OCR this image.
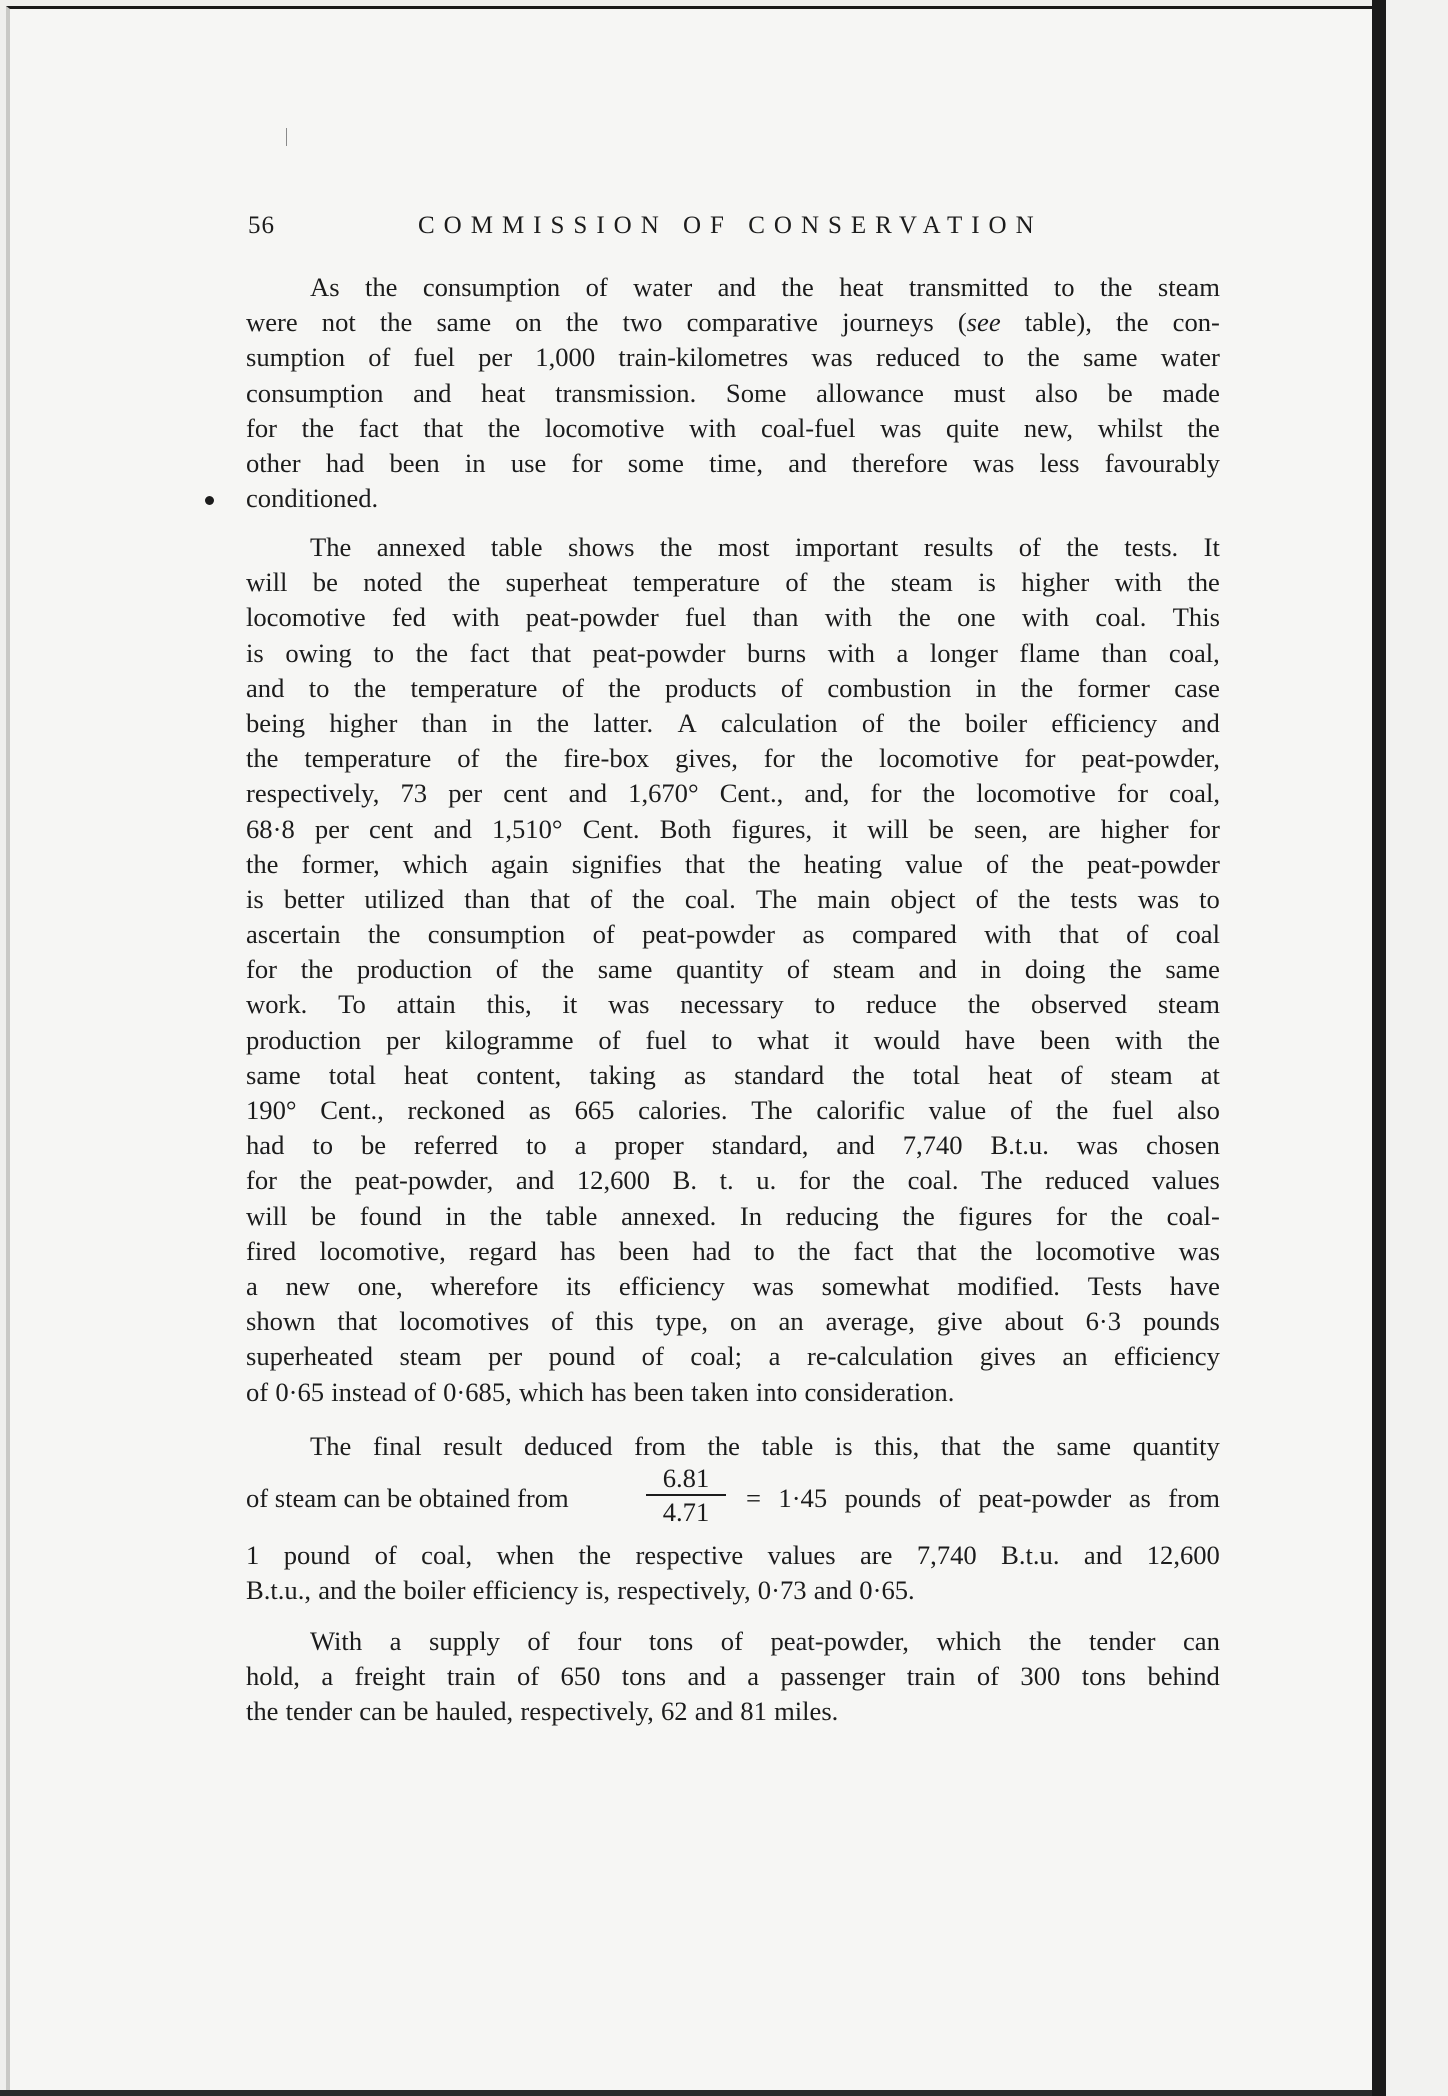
56	COMMISSION OF CONSERVATION
As the consumption of water and the heat transmitted to the steam
were not the same on the two comparative journeys (see table), the con-
sumption of fuel per 1,000 train-kilometres was reduced to the same water
consumption and heat transmission. Some allowance must also be made
for the fact that the locomotive with coal-fuel was quite new, whilst the
other had been in use for some time, and therefore was less favourably
conditioned.
The annexed table shows the most important results of the tests. It
will be noted the superheat temperature of the steam is higher with the
locomotive fed with peat-powder fuel than with the one with coal. This
is owing to the fact that peat-powder burns with a longer flame than coal,
and to the temperature of the products of combustion in the former case
being higher than in the latter. A calculation of the boiler efficiency and
the temperature of the fire-box gives, for the locomotive for peat-powder,
respectively, 73 per cent and 1,670° Cent., and, for the locomotive for coal,
68·8 per cent and 1,510° Cent. Both figures, it will be seen, are higher for
the former, which again signifies that the heating value of the peat-powder
is better utilized than that of the coal. The main object of the tests was to
ascertain the consumption of peat-powder as compared with that of coal
for the production of the same quantity of steam and in doing the same
work. To attain this, it was necessary to reduce the observed steam
production per kilogramme of fuel to what it would have been with the
same total heat content, taking as standard the total heat of steam at
190° Cent., reckoned as 665 calories. The calorific value of the fuel also
had to be referred to a proper standard, and 7,740 B.t.u. was chosen
for the peat-powder, and 12,600 B. t. u. for the coal. The reduced values
will be found in the table annexed. In reducing the figures for the coal-
fired locomotive, regard has been had to the fact that the locomotive was
a new one, wherefore its efficiency was somewhat modified. Tests have
shown that locomotives of this type, on an average, give about 6·3 pounds
superheated steam per pound of coal; a re-calculation gives an efficiency
of 0·65 instead of 0·685, which has been taken into consideration.
The final result deduced from the table is this, that the same quantity
of steam can be obtained from	$\frac{6.81}{4.71} = 1\cdot 45$ pounds of peat-powder as from
1 pound of coal, when the respective values are 7,740 B.t.u. and 12,600
B.t.u., and the boiler efficiency is, respectively, 0·73 and 0·65.
With a supply of four tons of peat-powder, which the tender can
hold, a freight train of 650 tons and a passenger train of 300 tons behind
the tender can be hauled, respectively, 62 and 81 miles.
